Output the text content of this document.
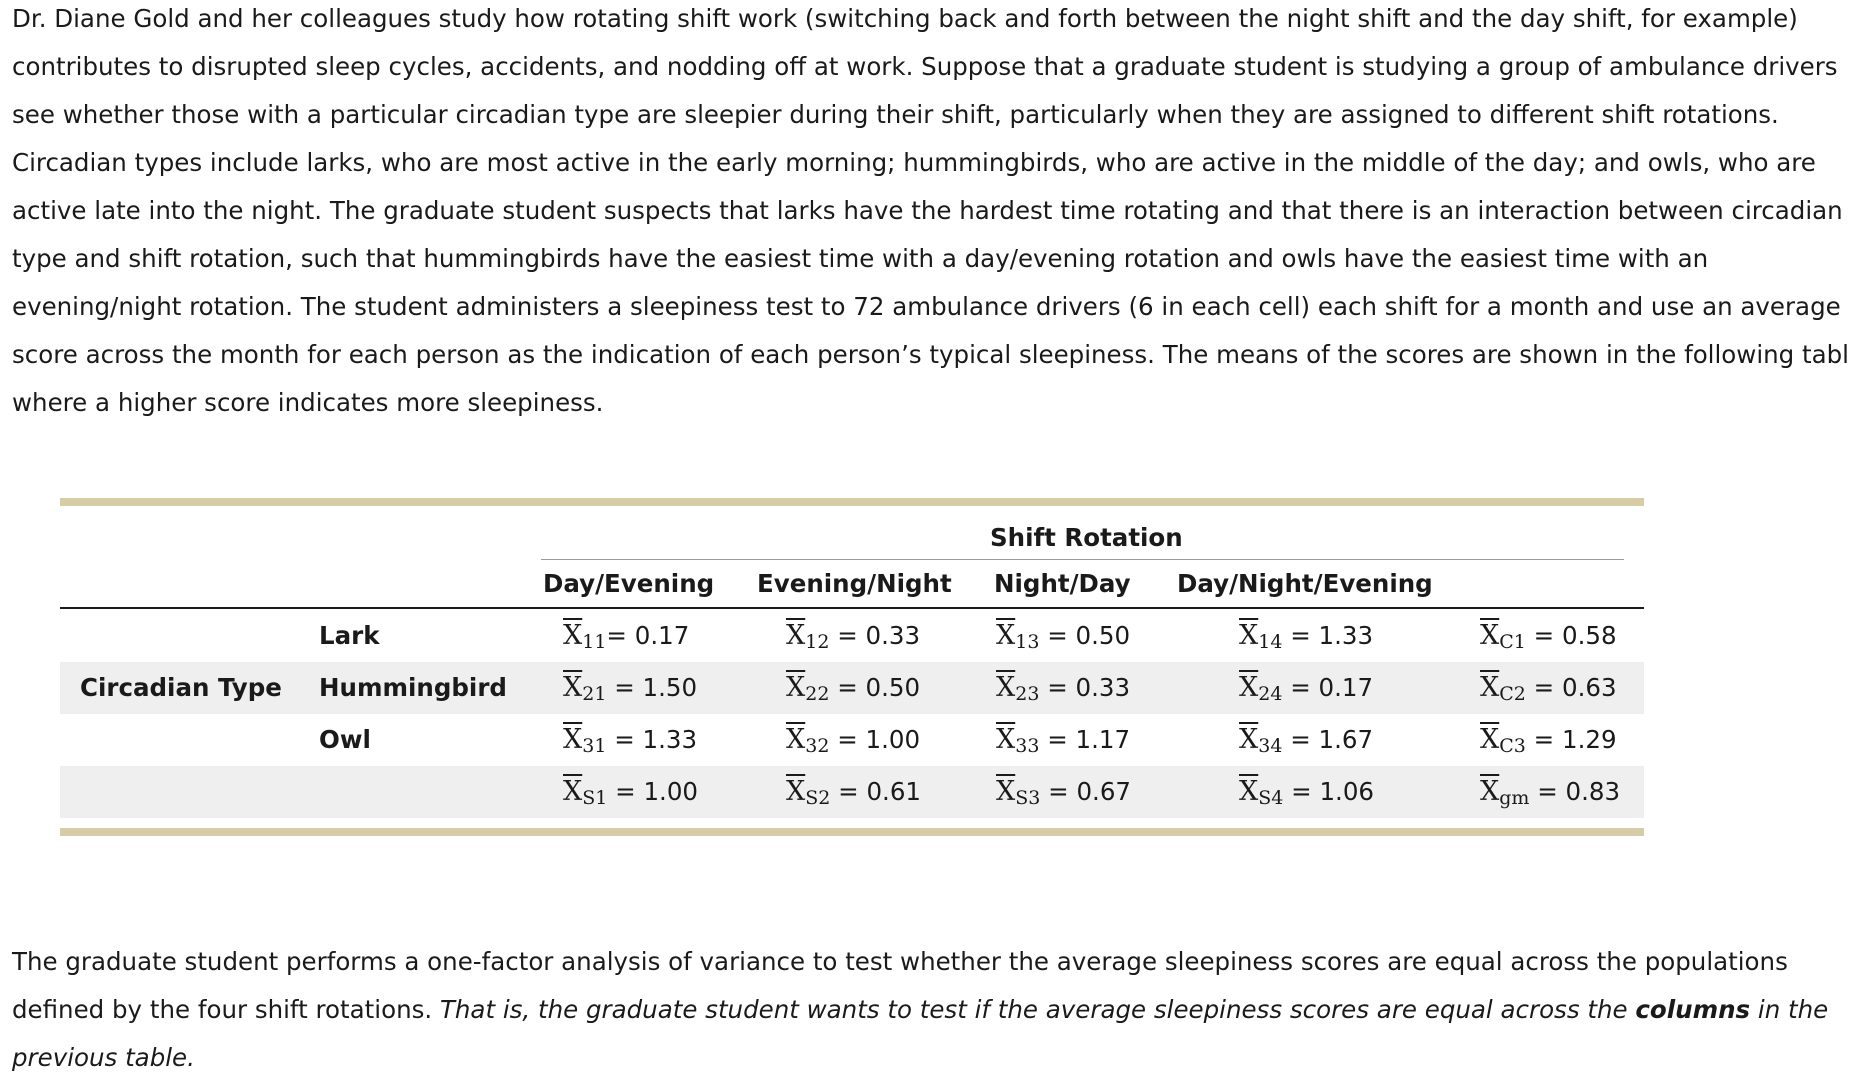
Dr. Diane Gold and her colleagues study how rotating shift work (switching back and forth between the night shift and the day shift, for example)
contributes to disrupted sleep cycles, accidents, and nodding off at work. Suppose that a graduate student is studying a group of ambulance drivers
see whether those with a particular circadian type are sleepier during their shift, particularly when they are assigned to different shift rotations.
Circadian types include larks, who are most active in the early morning; hummingbirds, who are active in the middle of the day; and owls, who are
active late into the night. The graduate student suspects that larks have the hardest time rotating and that there is an interaction between circadian
type and shift rotation, such that hummingbirds have the easiest time with a day/evening rotation and owls have the easiest time with an
evening/night rotation. The student administers a sleepiness test to 72 ambulance drivers (6 in each cell) each shift for a month and use an average
score across the month for each person as the indication of each person’s typical sleepiness. The means of the scores are shown in the following tabl
where a higher score indicates more sleepiness.
Shift Rotation
Day/Evening Evening/Night Night/Day Day/Night/Evening
Lark	$\overline{X}11= 0.17$	$\overline{X}12 = 0.33$	$\overline{X}13 = 0.50$	$\overline{X}14 = 1.33$	$\overline{X}C1 = 0.58$
Circadian Type Hummingbird $\overline{X}21 = 1.50$	$\overline{X}22 = 0.50$	$\overline{X}23 = 0.33$	$\overline{X}24 = 0.17$	$\overline{X}C2 = 0.63$
Owl	$\overline{X}31 = 1.33$	$\overline{X}32 = 1.00$	$\overline{X}33 = 1.17$	$\overline{X}34 = 1.67$	$\overline{X}C3 = 1.29$
$\overline{X}S1 = 1.00$	$\overline{X}S2 = 0.61$	$\overline{X}S3 = 0.67$	$\overline{X}S4 = 1.06$	$\overline{X}gm = 0.83$
The graduate student performs a one-factor analysis of variance to test whether the average sleepiness scores are equal across the populations
defined by the four shift rotations. That is, the graduate student wants to test if the average sleepiness scores are equal across the columns in the
previous table.
